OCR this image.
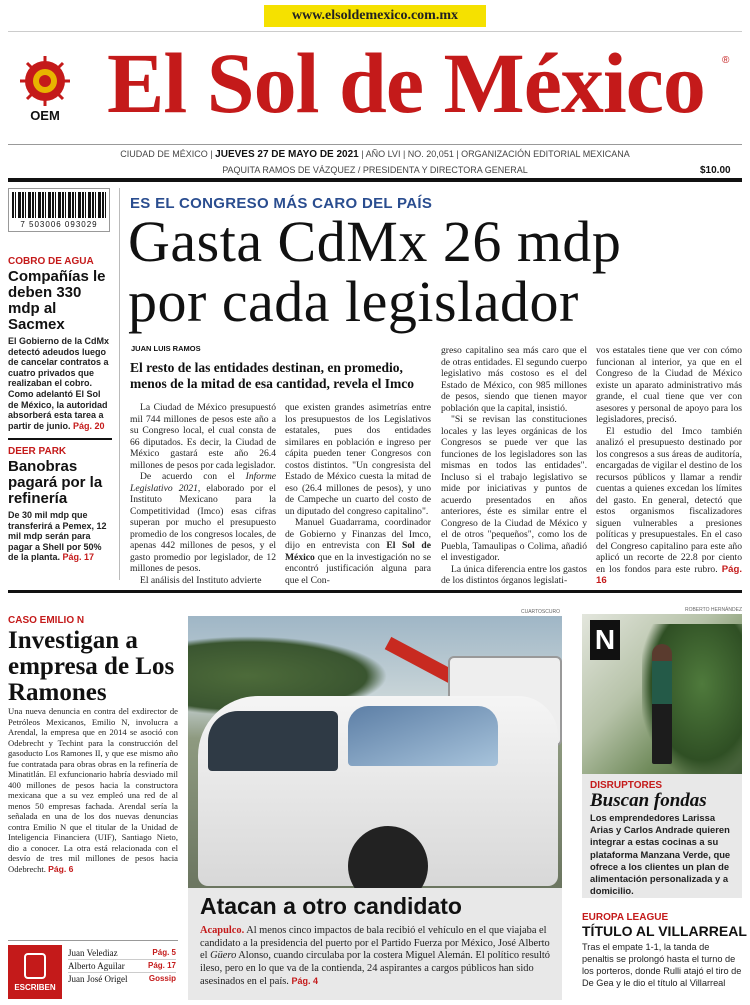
www.elsoldemexico.com.mx
OEM El Sol de México	®
CIUDAD DE MÉXICO | JUEVES 27 DE MAYO DE 2021 | AÑO LVI | NO. 20,051 | ORGANIZACIÓN EDITORIAL MEXICANA
PAQUITA RAMOS DE VÁZQUEZ / PRESIDENTA Y DIRECTORA GENERAL	$10.00
7 503006 093029
COBRO DE AGUA
Compañías le deben 330 mdp al Sacmex
El Gobierno de la CdMx detectó adeudos luego de cancelar contratos a cuatro privados que realizaban el cobro. Como adelantó El Sol de México, la autoridad absorberá esta tarea a partir de junio. Pág. 20
DEER PARK
Banobras pagará por la refinería
De 30 mil mdp que transferirá a Pemex, 12 mil mdp serán para pagar a Shell por 50% de la planta. Pág. 17
ES EL CONGRESO MÁS CARO DEL PAÍS
Gasta CdMx 26 mdp
por cada legislador
JUAN LUIS RAMOS
El resto de las entidades destinan, en promedio,
menos de la mitad de esa cantidad, revela el Imco
La Ciudad de México presupuestó mil 744 millones de pesos este año a su Congreso local, el cual consta de 66 diputados. Es decir, la Ciudad de México gastará este año 26.4 millones de pesos por cada legislador.
De acuerdo con el Informe Legislativo 2021, elaborado por el Instituto Mexicano para la Competitividad (Imco) esas cifras superan por mucho el presupuesto promedio de los congresos locales, de apenas 442 millones de pesos, y el gasto promedio por legislador, de 12 millones de pesos.
El análisis del Instituto advierte
que existen grandes asimetrías entre los presupuestos de los Legislativos estatales, pues dos entidades similares en población e ingreso per cápita pueden tener Congresos con costos distintos. "Un congresista del Estado de México cuesta la mitad de eso (26.4 millones de pesos), y uno de Campeche un cuarto del costo de un diputado del congreso capitalino".
Manuel Guadarrama, coordinador de Gobierno y Finanzas del Imco, dijo en entrevista con El Sol de México que en la investigación no se encontró justificación alguna para que el Con-
greso capitalino sea más caro que el de otras entidades. El segundo cuerpo legislativo más costoso es el del Estado de México, con 985 millones de pesos, siendo que tienen mayor población que la capital, insistió.
"Si se revisan las constituciones locales y las leyes orgánicas de los Congresos se puede ver que las funciones de los legisladores son las mismas en todos las entidades". Incluso si el trabajo legislativo se mide por iniciativas y puntos de acuerdo presentados en años anteriores, éste es similar entre el Congreso de la Ciudad de México y el de otros "pequeños", como los de Puebla, Tamaulipas o Colima, añadió el investigador.
La única diferencia entre los gastos de los distintos órganos legislati-
vos estatales tiene que ver con cómo funcionan al interior, ya que en el Congreso de la Ciudad de México existe un aparato administrativo más grande, el cual tiene que ver con asesores y personal de apoyo para los legisladores, precisó.
El estudio del Imco también analizó el presupuesto destinado por los congresos a sus áreas de auditoría, encargadas de vigilar el destino de los recursos públicos y llamar a rendir cuentas a quienes excedan los límites del gasto. En general, detectó que estos organismos fiscalizadores siguen vulnerables a presiones políticas y presupuestales. En el caso del Congreso capitalino para este año aplicó un recorte de 22.8 por ciento en los fondos para este rubro. Pág. 16
CASO EMILIO N
Investigan a empresa de Los Ramones
Una nueva denuncia en contra del exdirector de Petróleos Mexicanos, Emilio N, involucra a Arendal, la empresa que en 2014 se asoció con Odebrecht y Techint para la construcción del gasoducto Los Ramones II, y que ese mismo año fue contratada para obras obras en la refinería de Minatitlán. El exfuncionario habría desviado mil 400 millones de pesos hacia la constructora mexicana que a su vez empleó una red de al menos 50 empresas fachada. Arendal sería la señalada en una de los dos nuevas denuncias contra Emilio N que el titular de la Unidad de Inteligencia Financiera (UIF), Santiago Nieto, dio a conocer. La otra está relacionada con el desvío de tres mil millones de pesos hacia Odebrecht. Pág. 6
ESCRIBEN
Juan Velediaz	Pág. 5
Alberto Aguilar	Pág. 17
Juan José Origel	Gossip
CUARTOSCURO
Atacan a otro candidato
Acapulco. Al menos cinco impactos de bala recibió el vehículo en el que viajaba el candidato a la presidencia del puerto por el Partido Fuerza por México, José Alberto el Güero Alonso, cuando circulaba por la costera Miguel Alemán. El político resultó ileso, pero en lo que va de la contienda, 24 aspirantes a cargos públicos han sido asesinados en el país. Pág. 4
ROBERTO HERNÁNDEZ
N
DISRUPTORES
Buscan fondas
Los emprendedores Larissa Arias y Carlos Andrade quieren integrar a estas cocinas a su plataforma Manzana Verde, que ofrece a los clientes un plan de alimentación personalizada y a domicilio.
EUROPA LEAGUE
TÍTULO AL VILLARREAL
Tras el empate 1-1, la tanda de penaltis se prolongó hasta el turno de los porteros, donde Rulli atajó el tiro de De Gea y le dio el título al Villarreal
